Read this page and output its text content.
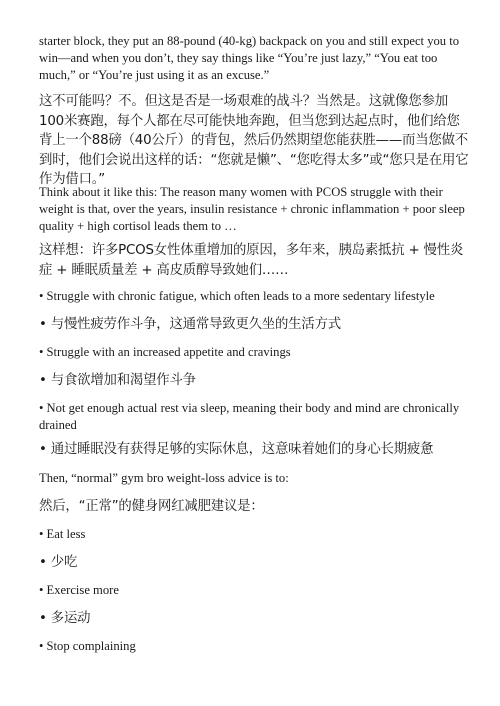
starter block, they put an 88-pound (40-kg) backpack on you and still expect you to win—and when you don’t, they say things like “You’re just lazy,” “You eat too much,” or “You’re just using it as an excuse.”

这不可能吗？不。但这是否是一场艰难的战斗？当然是。这就像您参加100米赛跑，每个人都在尽可能快地奔跑，但当您到达起点时，他们给您背上一个88磅（40公斤）的背包，然后仍然期望您能获胜——而当您做不到时，他们会说出这样的话：“您就是懒”、“您吃得太多”或“您只是在用它作为借口。”

Think about it like this: The reason many women with PCOS struggle with their weight is that, over the years, insulin resistance + chronic inflammation + poor sleep quality + high cortisol leads them to …

这样想：许多PCOS女性体重增加的原因，多年来，胰岛素抵抗 + 慢性炎症 + 睡眠质量差 + 高皮质醇导致她们……

• Struggle with chronic fatigue, which often leads to a more sedentary lifestyle

• 与慢性疲劳作斗争，这通常导致更久坐的生活方式

• Struggle with an increased appetite and cravings

• 与食欲增加和渴望作斗争

• Not get enough actual rest via sleep, meaning their body and mind are chronically drained

• 通过睡眠没有获得足够的实际休息，这意味着她们的身心长期疲惫

Then, “normal” gym bro weight-loss advice is to:

然后，“正常”的健身网红减肥建议是：

• Eat less

• 少吃

• Exercise more

• 多运动

• Stop complaining
